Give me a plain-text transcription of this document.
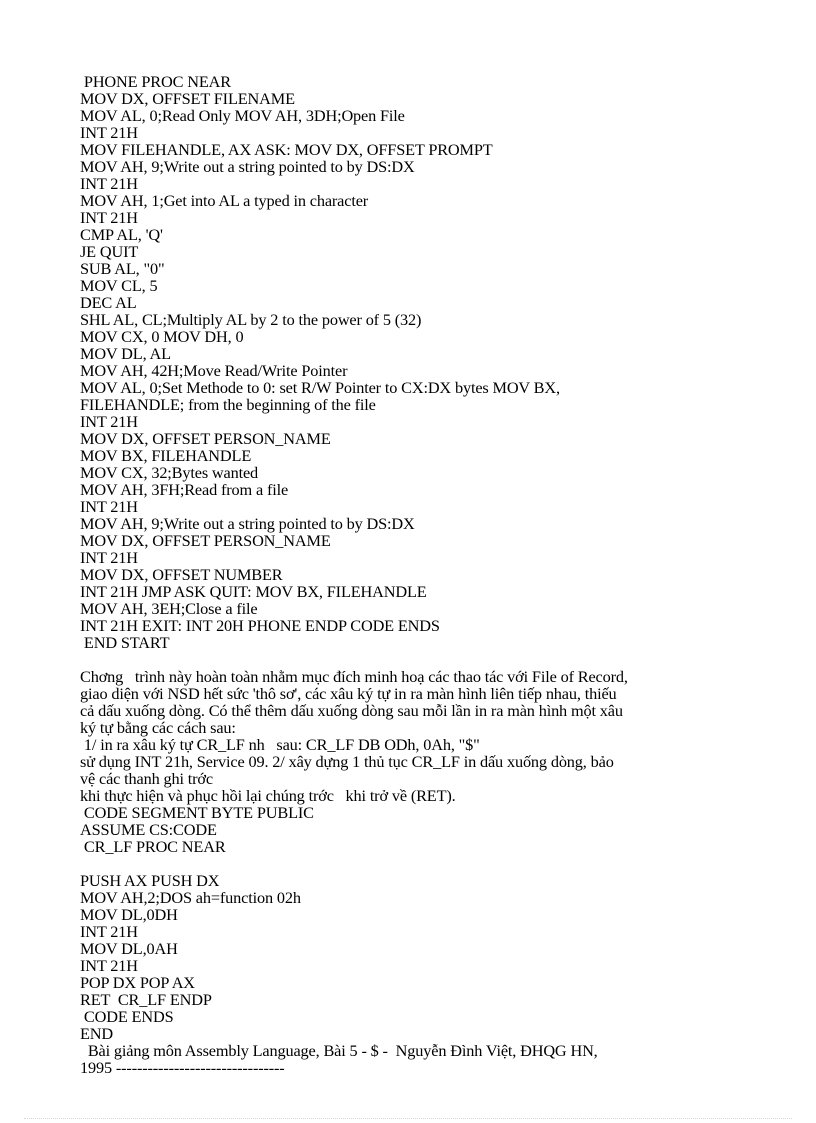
PHONE PROC NEAR
MOV DX, OFFSET FILENAME
MOV AL, 0;Read Only MOV AH, 3DH;Open File
INT 21H
MOV FILEHANDLE, AX ASK: MOV DX, OFFSET PROMPT
MOV AH, 9;Write out a string pointed to by DS:DX
INT 21H
MOV AH, 1;Get into AL a typed in character
INT 21H
CMP AL, 'Q'
JE QUIT
SUB AL, "0"
MOV CL, 5
DEC AL
SHL AL, CL;Multiply AL by 2 to the power of 5 (32)
MOV CX, 0 MOV DH, 0
MOV DL, AL
MOV AH, 42H;Move Read/Write Pointer
MOV AL, 0;Set Methode to 0: set R/W Pointer to CX:DX bytes MOV BX,
FILEHANDLE; from the beginning of the file
INT 21H
MOV DX, OFFSET PERSON_NAME
MOV BX, FILEHANDLE
MOV CX, 32;Bytes wanted
MOV AH, 3FH;Read from a file
INT 21H
MOV AH, 9;Write out a string pointed to by DS:DX
MOV DX, OFFSET PERSON_NAME
INT 21H
MOV DX, OFFSET NUMBER
INT 21H JMP ASK QUIT: MOV BX, FILEHANDLE
MOV AH, 3EH;Close a file
INT 21H EXIT: INT 20H PHONE ENDP CODE ENDS
END START
Chơng   trình này hoàn toàn nhằm mục đích minh hoạ các thao tác với File of Record,
giao diện với NSD hết sức 'thô sơ', các xâu ký tự in ra màn hình liên tiếp nhau, thiếu
cả dấu xuống dòng. Có thể thêm dấu xuống dòng sau mỗi lần in ra màn hình một xâu
ký tự bằng các cách sau:
1/ in ra xâu ký tự CR_LF nh   sau: CR_LF DB ODh, 0Ah, "$"
sử dụng INT 21h, Service 09. 2/ xây dựng 1 thủ tục CR_LF in dấu xuống dòng, bảo
vệ các thanh ghi trớc
khi thực hiện và phục hồi lại chúng trớc   khi trở về (RET).
CODE SEGMENT BYTE PUBLIC
ASSUME CS:CODE
CR_LF PROC NEAR
PUSH AX PUSH DX
MOV AH,2;DOS ah=function 02h
MOV DL,0DH
INT 21H
MOV DL,0AH
INT 21H
POP DX POP AX
RET  CR_LF ENDP
CODE ENDS
END
Bài giảng môn Assembly Language, Bài 5 - $ -  Nguyễn Đình Việt, ĐHQG HN,
1995 --------------------------------
